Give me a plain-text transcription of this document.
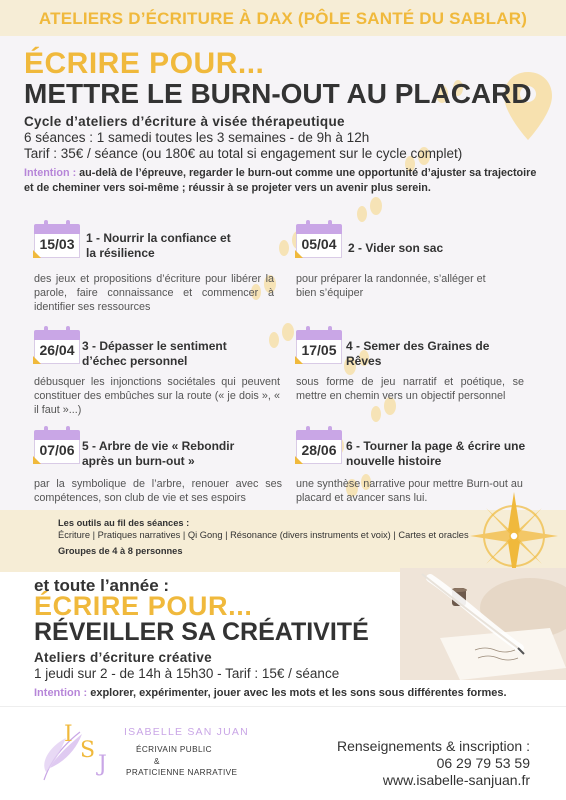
ATELIERS D’ÉCRITURE À DAX (PÔLE SANTÉ DU SABLAR)
ÉCRIRE POUR...
METTRE LE BURN-OUT AU PLACARD
Cycle d’ateliers d’écriture à visée thérapeutique
6 séances : 1 samedi toutes les 3 semaines - de 9h à 12h
Tarif : 35€ / séance (ou 180€ au total si engagement sur le cycle complet)
Intention : au-delà de l’épreuve, regarder le burn-out comme une opportunité d’ajuster sa trajectoire et de cheminer vers soi-même ; réussir à se projeter vers un avenir plus serein.
15/03 1 - Nourrir la confiance et la résilience
des jeux et propositions d’écriture pour libérer la parole, faire connaissance et commencer à identifier ses ressources
05/04 2 - Vider son sac
pour préparer la randonnée, s’alléger et bien s’équiper
26/04 3 - Dépasser le sentiment d’échec personnel
débusquer les injonctions sociétales qui peuvent constituer des embûches sur la route (« je dois », « il faut »...)
17/05 4 - Semer des Graines de Rêves
sous forme de jeu narratif et poétique, se mettre en chemin vers un objectif personnel
07/06 5 - Arbre de vie « Rebondir après un burn-out »
par la symbolique de l’arbre, renouer avec ses compétences, son club de vie et ses espoirs
28/06 6 - Tourner la page & écrire une nouvelle histoire
une synthèse narrative pour mettre Burn-out au placard et avancer sans lui.
Les outils au fil des séances :
Écriture | Pratiques narratives | Qi Gong | Résonance (divers instruments et voix) | Cartes et oracles
Groupes de 4 à 8 personnes
et toute l’année :
ÉCRIRE POUR...
RÉVEILLER SA CRÉATIVITÉ
Ateliers d’écriture créative
1 jeudi sur 2 - de 14h à 15h30 - Tarif : 15€ / séance
Intention : explorer, expérimenter, jouer avec les mots et les sons sous différentes formes.
I
S
J
ISABELLE SAN JUAN
ÉCRIVAIN PUBLIC
&
PRATICIENNE NARRATIVE
Renseignements & inscription :
06 29 79 53 59
www.isabelle-sanjuan.fr
